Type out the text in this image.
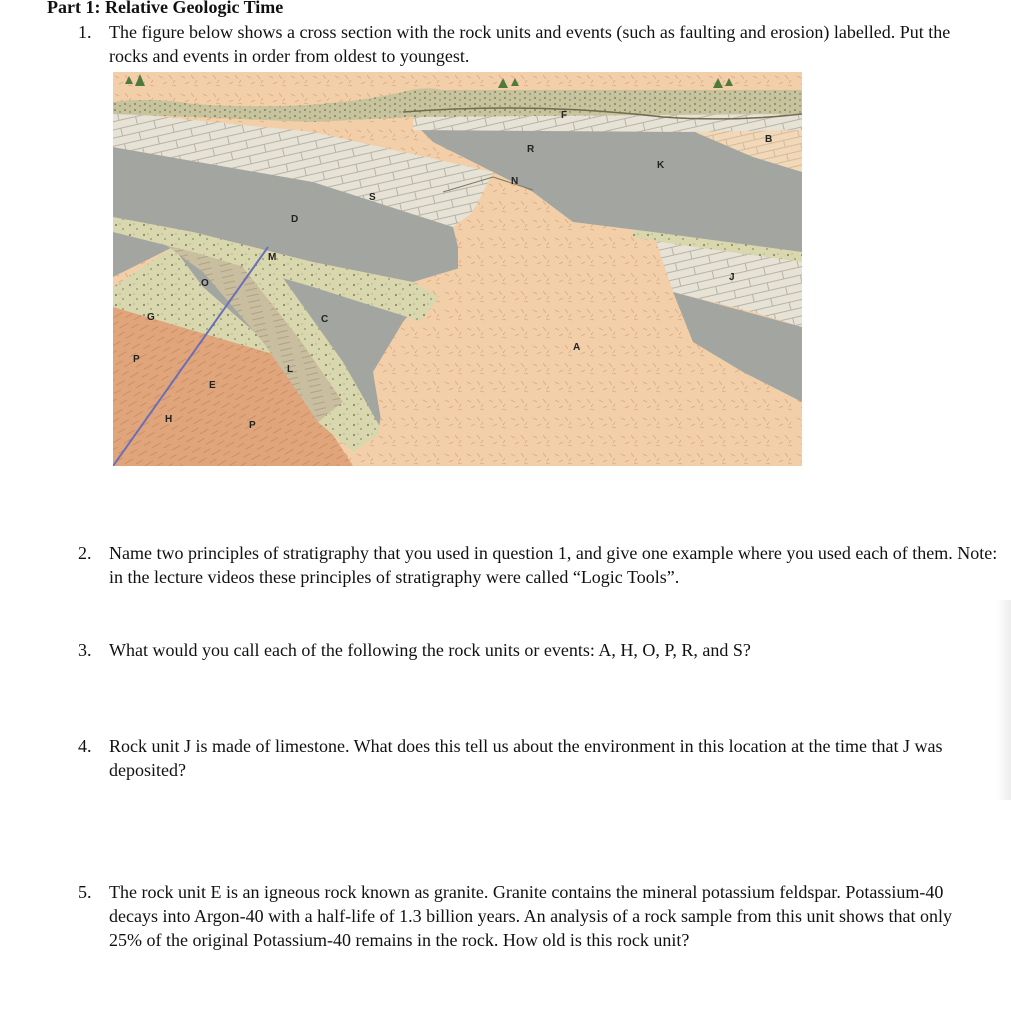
Part 1: Relative Geologic Time
1. The figure below shows a cross section with the rock units and events (such as faulting and erosion) labelled. Put the rocks and events in order from oldest to youngest.
F
R
B
K
N
S
D
M
O
J
C
G
A
P
L
E
H
P
2. Name two principles of stratigraphy that you used in question 1, and give one example where you used each of them. Note: in the lecture videos these principles of stratigraphy were called “Logic Tools”.
3. What would you call each of the following the rock units or events: A, H, O, P, R, and S?
4. Rock unit J is made of limestone. What does this tell us about the environment in this location at the time that J was deposited?
5. The rock unit E is an igneous rock known as granite. Granite contains the mineral potassium feldspar. Potassium-40 decays into Argon-40 with a half-life of 1.3 billion years. An analysis of a rock sample from this unit shows that only 25% of the original Potassium-40 remains in the rock. How old is this rock unit?
